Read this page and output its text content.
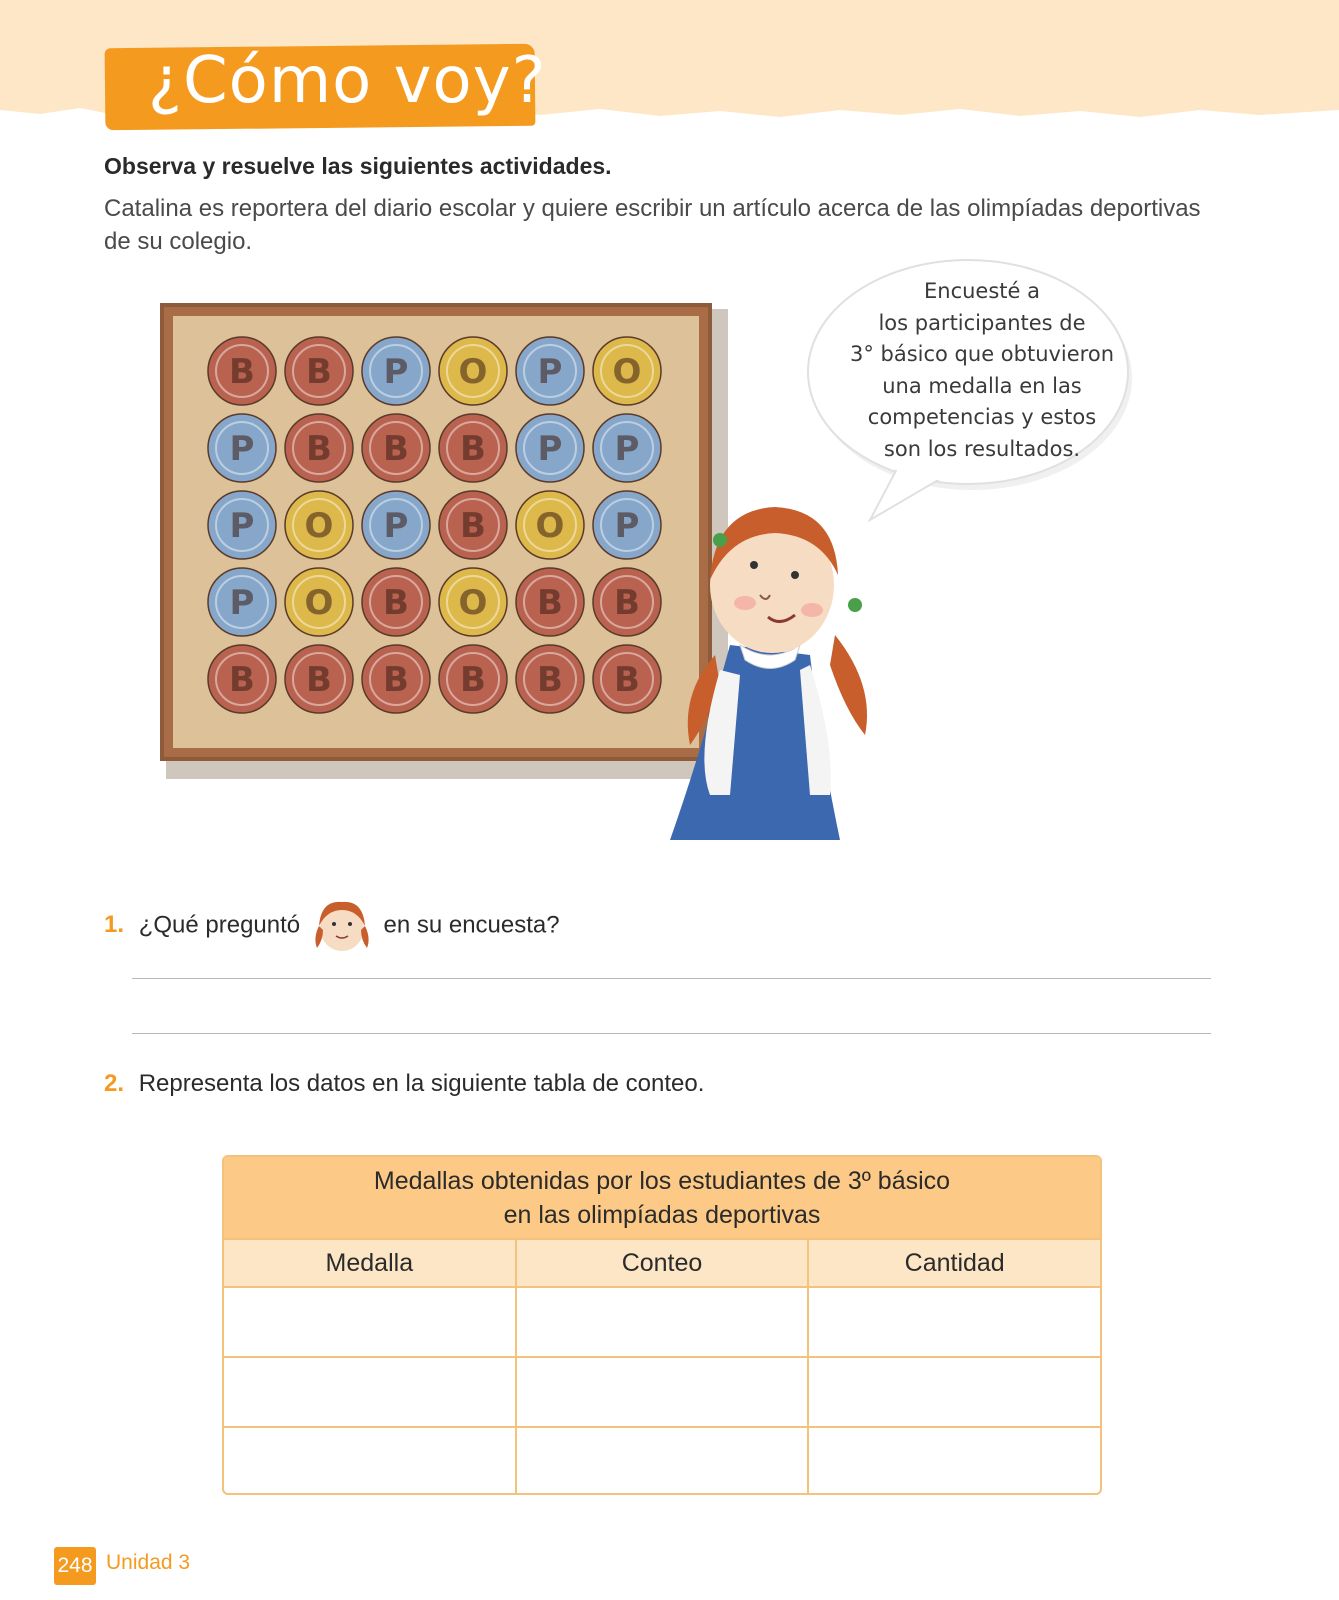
¿Cómo voy?
Observa y resuelve las siguientes actividades.
Catalina es reportera del diario escolar y quiere escribir un artículo acerca de las olimpíadas deportivas de su colegio.
B B P O P O
P B B B P P
P O P B O P
P O B O B B
B B B B B B
Encuesté a
los participantes de
3° básico que obtuvieron
una medalla en las
competencias y estos
son los resultados.
1. ¿Qué preguntó	en su encuesta?
2. Representa los datos en la siguiente tabla de conteo.
Medallas obtenidas por los estudiantes de 3º básico
en las olimpíadas deportivas
Medalla	Conteo	Cantidad
248 Unidad 3
